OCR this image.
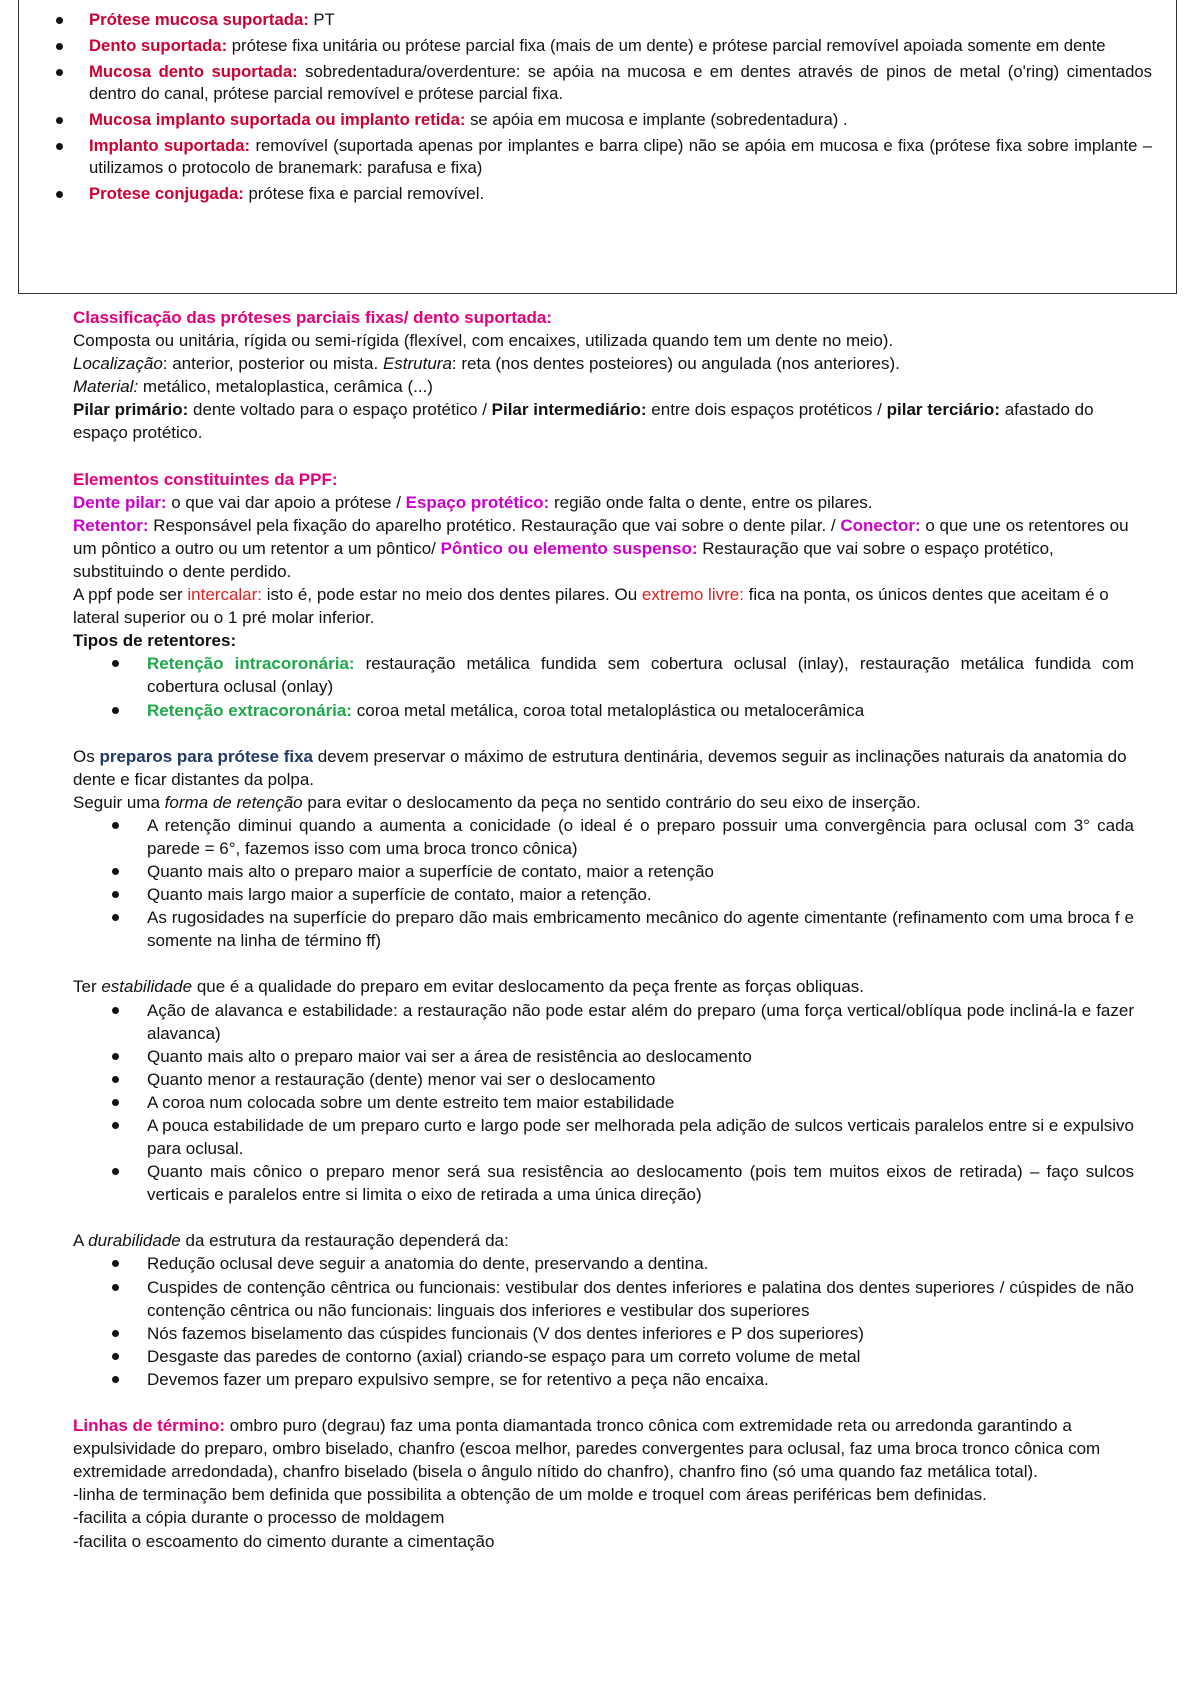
Prótese mucosa suportada: PT
Dento suportada: prótese fixa unitária ou prótese parcial fixa (mais de um dente) e prótese parcial removível apoiada somente em dente
Mucosa dento suportada: sobredentadura/overdenture: se apóia na mucosa e em dentes através de pinos de metal (o'ring) cimentados dentro do canal, prótese parcial removível e prótese parcial fixa.
Mucosa implanto suportada ou implanto retida: se apóia em mucosa e implante (sobredentadura) .
Implanto suportada: removível (suportada apenas por implantes e barra clipe) não se apóia em mucosa e fixa (prótese fixa sobre implante – utilizamos o protocolo de branemark: parafusa e fixa)
Protese conjugada: prótese fixa e parcial removível.

Classificação das próteses parciais fixas/ dento suportada:

Composta ou unitária, rígida ou semi-rígida (flexível, com encaixes, utilizada quando tem um dente no meio).

Localização: anterior, posterior ou mista. Estrutura: reta (nos dentes posteiores) ou angulada (nos anteriores).

Material: metálico, metaloplastica, cerâmica (...)

Pilar primário: dente voltado para o espaço protético / Pilar intermediário: entre dois espaços protéticos / pilar terciário: afastado do espaço protético.

Elementos constituintes da PPF:

Dente pilar: o que vai dar apoio a prótese / Espaço protético: região onde falta o dente, entre os pilares.

Retentor: Responsável pela fixação do aparelho protético. Restauração que vai sobre o dente pilar. / Conector: o que une os retentores ou um pôntico a outro ou um retentor a um pôntico/ Pôntico ou elemento suspenso: Restauração que vai sobre o espaço protético, substituindo o dente perdido.

A ppf pode ser intercalar: isto é, pode estar no meio dos dentes pilares. Ou extremo livre: fica na ponta, os únicos dentes que aceitam é o lateral superior ou o 1 pré molar inferior.

Tipos de retentores:

Retenção intracoronária: restauração metálica fundida sem cobertura oclusal (inlay), restauração metálica fundida com cobertura oclusal (onlay)
Retenção extracoronária: coroa metal metálica, coroa total metaloplástica ou metalocerâmica

Os preparos para prótese fixa devem preservar o máximo de estrutura dentinária, devemos seguir as inclinações naturais da anatomia do dente e ficar distantes da polpa.

Seguir uma forma de retenção para evitar o deslocamento da peça no sentido contrário do seu eixo de inserção.

A retenção diminui quando a aumenta a conicidade (o ideal é o preparo possuir uma convergência para oclusal com 3° cada parede = 6°, fazemos isso com uma broca tronco cônica)
Quanto mais alto o preparo maior a superfície de contato, maior a retenção
Quanto mais largo maior a superfície de contato, maior a retenção.
As rugosidades na superfície do preparo dão mais embricamento mecânico do agente cimentante (refinamento com uma broca f e somente na linha de término ff)

Ter estabilidade que é a qualidade do preparo em evitar deslocamento da peça frente as forças obliquas.

Ação de alavanca e estabilidade: a restauração não pode estar além do preparo (uma força vertical/oblíqua pode incliná-la e fazer alavanca)
Quanto mais alto o preparo maior vai ser a área de resistência ao deslocamento
Quanto menor a restauração (dente) menor vai ser o deslocamento
A coroa num colocada sobre um dente estreito tem maior estabilidade
A pouca estabilidade de um preparo curto e largo pode ser melhorada pela adição de sulcos verticais paralelos entre si e expulsivo para oclusal.
Quanto mais cônico o preparo menor será sua resistência ao deslocamento (pois tem muitos eixos de retirada) – faço sulcos verticais e paralelos entre si limita o eixo de retirada a uma única direção)

A durabilidade da estrutura da restauração dependerá da:

Redução oclusal deve seguir a anatomia do dente, preservando a dentina.
Cuspides de contenção cêntrica ou funcionais: vestibular dos dentes inferiores e palatina dos dentes superiores / cúspides de não contenção cêntrica ou não funcionais: linguais dos inferiores e vestibular dos superiores
Nós fazemos biselamento das cúspides funcionais (V dos dentes inferiores e P dos superiores)
Desgaste das paredes de contorno (axial) criando-se espaço para um correto volume de metal
Devemos fazer um preparo expulsivo sempre, se for retentivo a peça não encaixa.

Linhas de término: ombro puro (degrau) faz uma ponta diamantada tronco cônica com extremidade reta ou arredonda garantindo a expulsividade do preparo, ombro biselado, chanfro (escoa melhor, paredes convergentes para oclusal, faz uma broca tronco cônica com extremidade arredondada), chanfro biselado (bisela o ângulo nítido do chanfro), chanfro fino (só uma quando faz metálica total).

-linha de terminação bem definida que possibilita a obtenção de um molde e troquel com áreas periféricas bem definidas.

-facilita a cópia durante o processo de moldagem

-facilita o escoamento do cimento durante a cimentação
